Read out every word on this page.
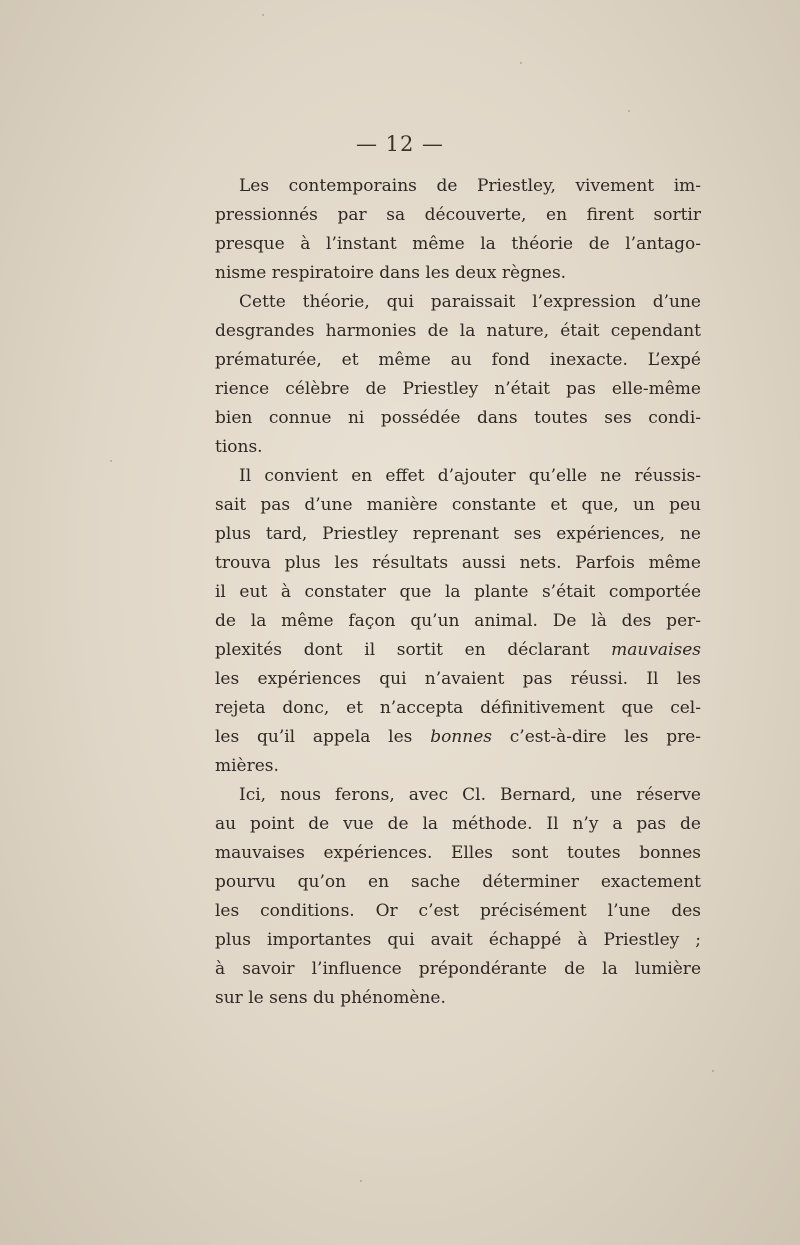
— 12 —
Les contemporains de Priestley, vivement im-
pressionnés par sa découverte, en firent sortir
presque à l’instant même la théorie de l’antago-
nisme respiratoire dans les deux règnes.
Cette théorie, qui paraissait l’expression d’une
desgrandes harmonies de la nature, était cependant
prématurée, et même au fond inexacte. L’expé
rience célèbre de Priestley n’était pas elle-même
bien connue ni possédée dans toutes ses condi-
tions.
Il convient en effet d’ajouter qu’elle ne réussis-
sait pas d’une manière constante et que, un peu
plus tard, Priestley reprenant ses expériences, ne
trouva plus les résultats aussi nets. Parfois même
il eut à constater que la plante s’était comportée
de la même façon qu’un animal. De là des per-
plexités dont il sortit en déclarant mauvaises
les expériences qui n’avaient pas réussi. Il les
rejeta donc, et n’accepta définitivement que cel-
les qu’il appela les bonnes c’est-à-dire les pre-
mières.
Ici, nous ferons, avec Cl. Bernard, une réserve
au point de vue de la méthode. Il n’y a pas de
mauvaises expériences. Elles sont toutes bonnes
pourvu qu’on en sache déterminer exactement
les conditions. Or c’est précisément l’une des
plus importantes qui avait échappé à Priestley ;
à savoir l’influence prépondérante de la lumière
sur le sens du phénomène.
